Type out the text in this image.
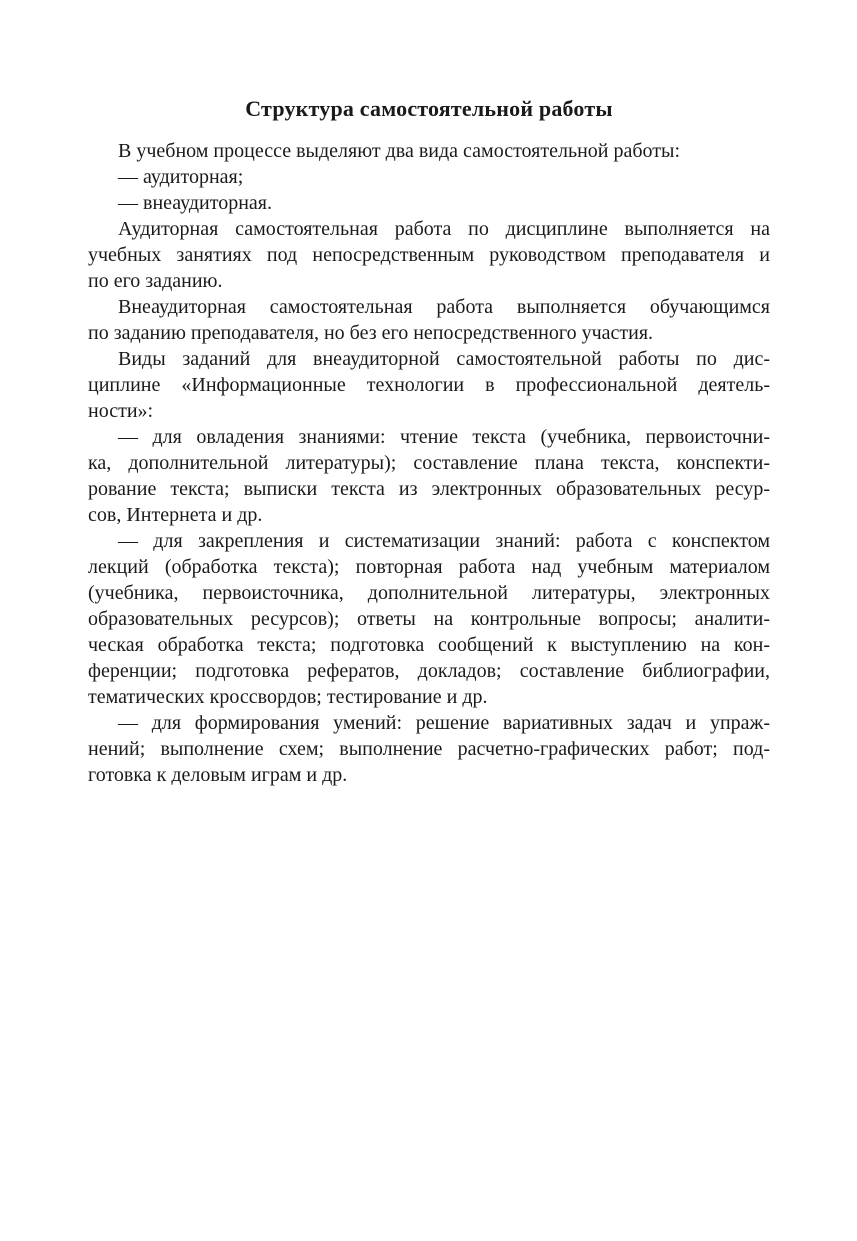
Структура самостоятельной работы
В учебном процессе выделяют два вида самостоятельной работы:
— аудиторная;
— внеаудиторная.
Аудиторная самостоятельная работа по дисциплине выполняется на
учебных занятиях под непосредственным руководством преподавателя и
по его заданию.
Внеаудиторная самостоятельная работа выполняется обучающимся
по заданию преподавателя, но без его непосредственного участия.
Виды заданий для внеаудиторной самостоятельной работы по дис-
циплине «Информационные технологии в профессиональной деятель-
ности»:
— для овладения знаниями: чтение текста (учебника, первоисточни-
ка, дополнительной литературы); составление плана текста, конспекти-
рование текста; выписки текста из электронных образовательных ресур-
сов, Интернета и др.
— для закрепления и систематизации знаний: работа с конспектом
лекций (обработка текста); повторная работа над учебным материалом
(учебника, первоисточника, дополнительной литературы, электронных
образовательных ресурсов); ответы на контрольные вопросы; аналити-
ческая обработка текста; подготовка сообщений к выступлению на кон-
ференции; подготовка рефератов, докладов; составление библиографии,
тематических кроссвордов; тестирование и др.
— для формирования умений: решение вариативных задач и упраж-
нений; выполнение схем; выполнение расчетно-графических работ; под-
готовка к деловым играм и др.
